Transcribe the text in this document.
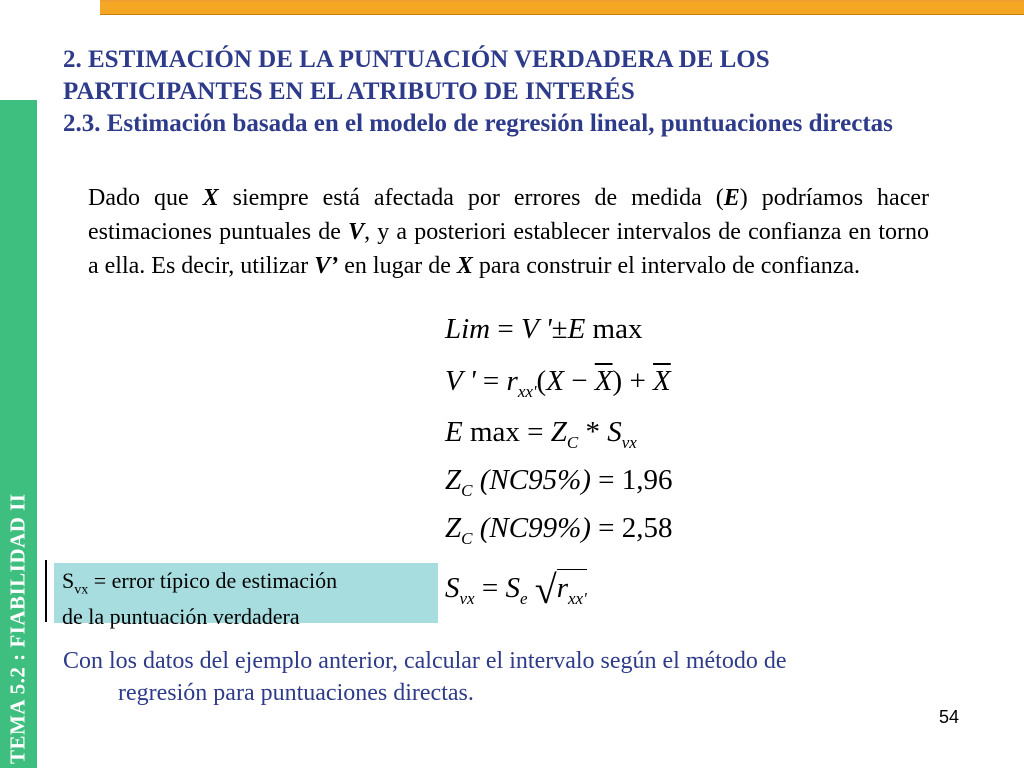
TEMA 5.2 : FIABILIDAD II

2. ESTIMACIÓN DE LA PUNTUACIÓN VERDADERA DE LOS

PARTICIPANTES EN EL ATRIBUTO DE INTERÉS

2.3. Estimación basada en el modelo de regresión lineal, puntuaciones directas

Dado que X siempre está afectada por errores de medida (E) podríamos hacer estimaciones puntuales de V, y a posteriori establecer intervalos de confianza en torno a ella. Es decir, utilizar V’ en lugar de X para construir el intervalo de confianza.
Lim = V '±E max
V ' = $r_{xx'}(X - \overline{X}) + \overline{X}$
E $\max = Z_C * S_{vx}$
$Z_C$ (NC95%) = 1,96
$Z_C$ (NC99%) = 2,58
$S_{vx}$ = error típico de estimación
de la puntuación verdadera
$S_{vx} = S_e$ $√r_{xx'}$
Con los datos del ejemplo anterior, calcular el intervalo según el método de
regresión para puntuaciones directas.
54
